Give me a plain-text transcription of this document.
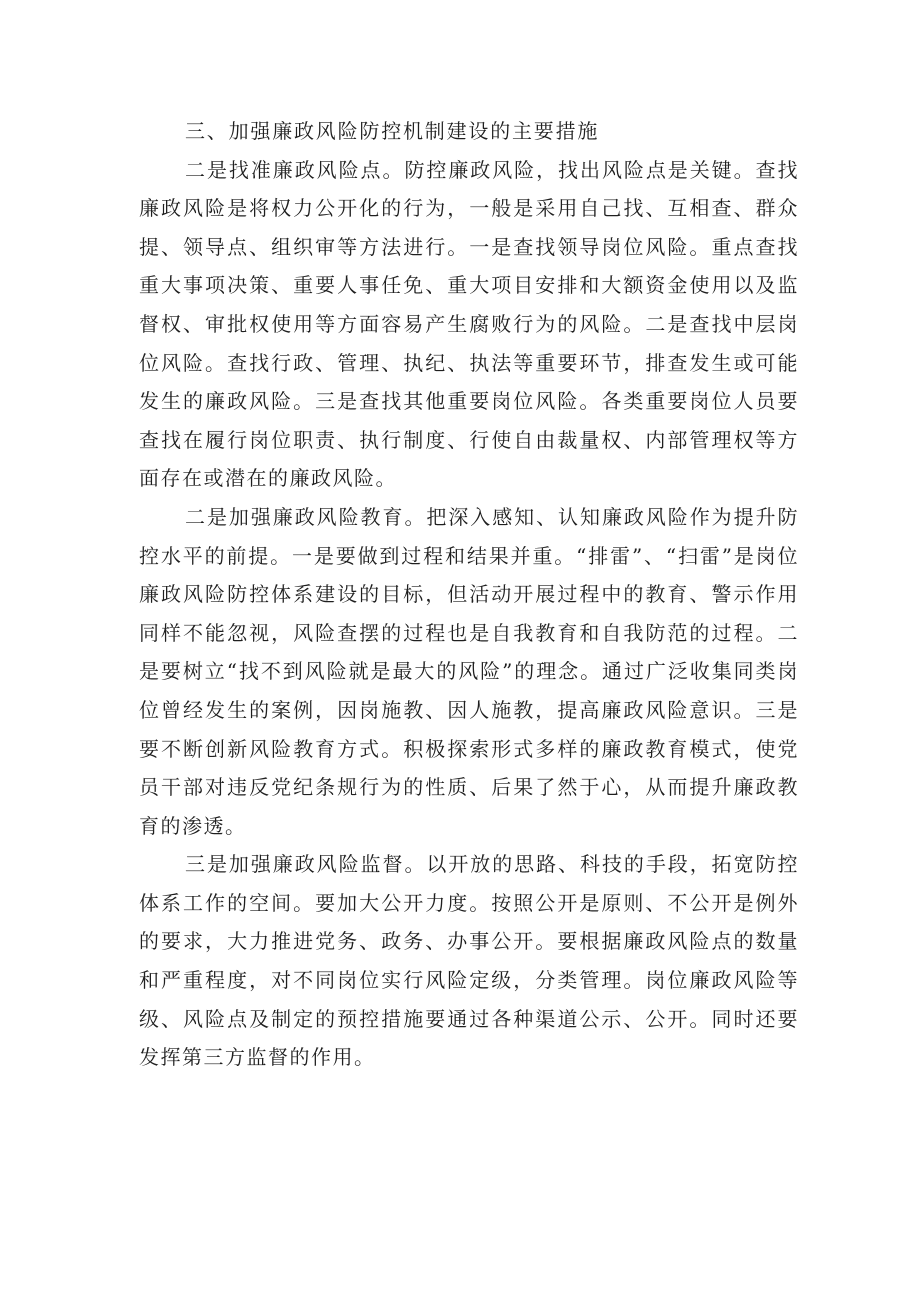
三、加强廉政风险防控机制建设的主要措施

二是找准廉政风险点。防控廉政风险，找出风险点是关键。查找廉政风险是将权力公开化的行为，一般是采用自己找、互相查、群众提、领导点、组织审等方法进行。一是查找领导岗位风险。重点查找重大事项决策、重要人事任免、重大项目安排和大额资金使用以及监督权、审批权使用等方面容易产生腐败行为的风险。二是查找中层岗位风险。查找行政、管理、执纪、执法等重要环节，排查发生或可能发生的廉政风险。三是查找其他重要岗位风险。各类重要岗位人员要查找在履行岗位职责、执行制度、行使自由裁量权、内部管理权等方面存在或潜在的廉政风险。

二是加强廉政风险教育。把深入感知、认知廉政风险作为提升防控水平的前提。一是要做到过程和结果并重。“排雷”、“扫雷”是岗位廉政风险防控体系建设的目标，但活动开展过程中的教育、警示作用同样不能忽视，风险查摆的过程也是自我教育和自我防范的过程。二是要树立“找不到风险就是最大的风险”的理念。通过广泛收集同类岗位曾经发生的案例，因岗施教、因人施教，提高廉政风险意识。三是要不断创新风险教育方式。积极探索形式多样的廉政教育模式，使党员干部对违反党纪条规行为的性质、后果了然于心，从而提升廉政教育的渗透。

三是加强廉政风险监督。以开放的思路、科技的手段，拓宽防控体系工作的空间。要加大公开力度。按照公开是原则、不公开是例外的要求，大力推进党务、政务、办事公开。要根据廉政风险点的数量和严重程度，对不同岗位实行风险定级，分类管理。岗位廉政风险等级、风险点及制定的预控措施要通过各种渠道公示、公开。同时还要发挥第三方监督的作用。
